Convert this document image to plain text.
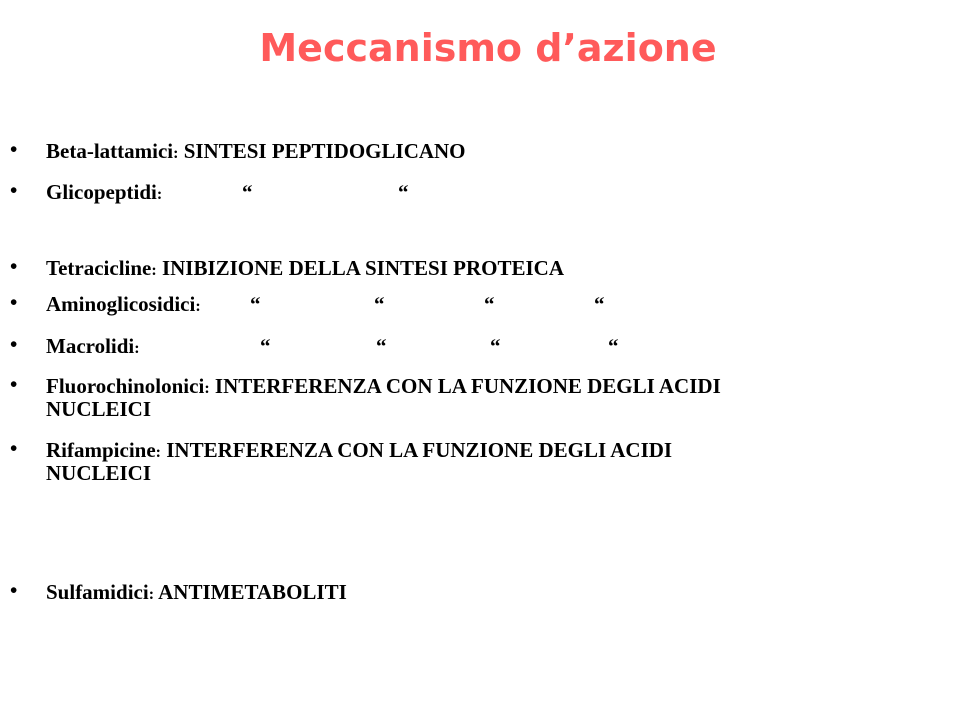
Meccanismo d’azione
• Beta-lattamici: SINTESI PEPTIDOGLICANO
• Glicopeptidi:	“	“
• Tetracicline: INIBIZIONE DELLA SINTESI PROTEICA
• Aminoglicosidici: “	“	“	“
• Macrolidi:	“	“	“	“
• Fluorochinolonici: INTERFERENZA CON LA FUNZIONE DEGLI ACIDI
NUCLEICI
• Rifampicine: INTERFERENZA CON LA FUNZIONE DEGLI ACIDI
NUCLEICI
• Sulfamidici: ANTIMETABOLITI
